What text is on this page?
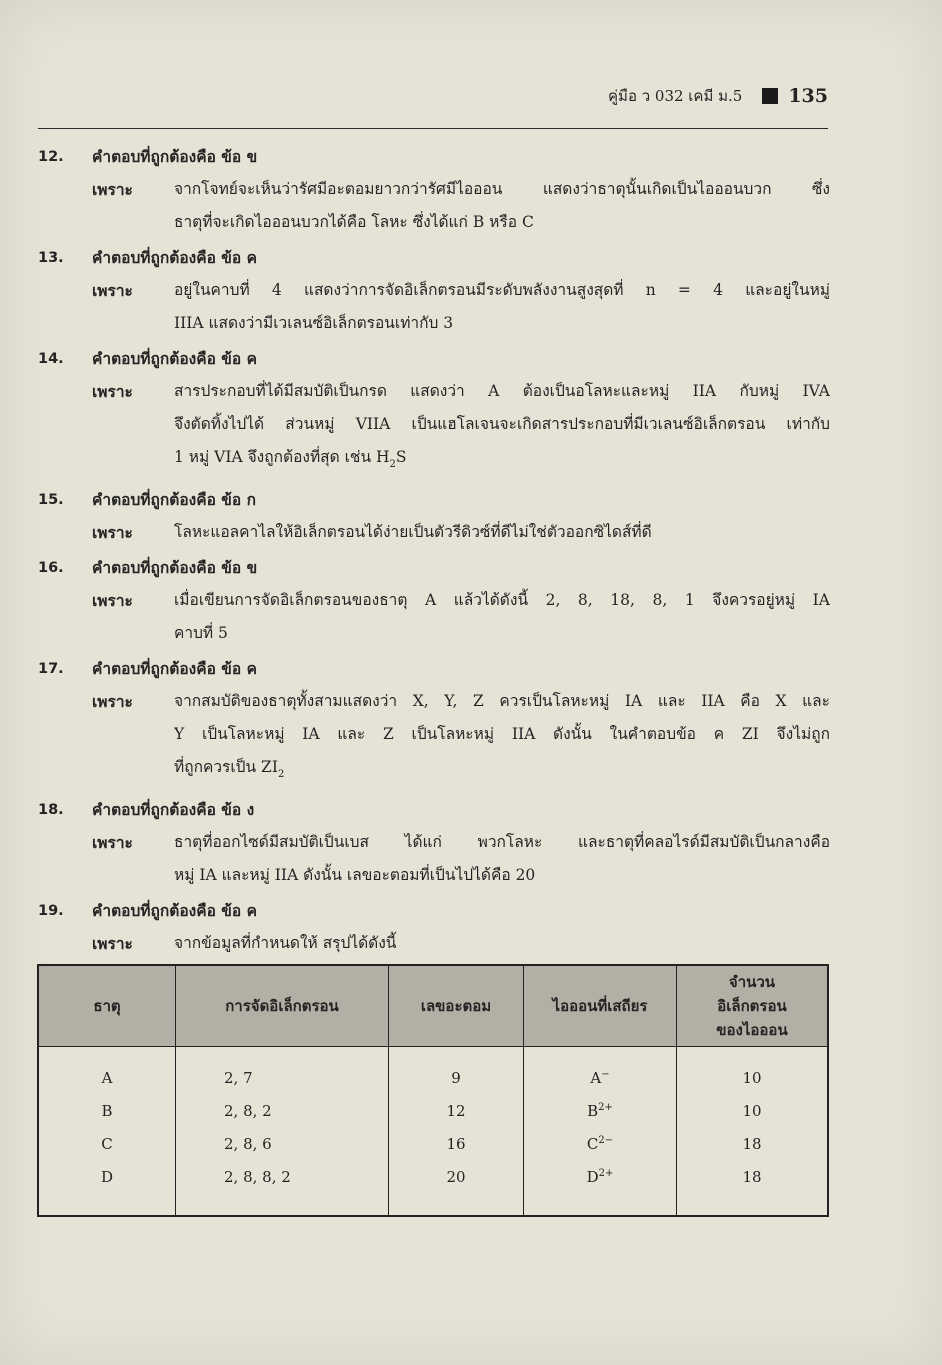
คู่มือ ว 032 เคมี ม.5 135
12.	คำตอบที่ถูกต้องคือ ข้อ ข
เพราะ	จากโจทย์จะเห็นว่ารัศมีอะตอมยาวกว่ารัศมีไอออน แสดงว่าธาตุนั้นเกิดเป็นไอออนบวก ซึ่ง
ธาตุที่จะเกิดไอออนบวกได้คือ โลหะ ซึ่งได้แก่ B หรือ C
13.	คำตอบที่ถูกต้องคือ ข้อ ค
เพราะ	อยู่ในคาบที่ 4 แสดงว่าการจัดอิเล็กตรอนมีระดับพลังงานสูงสุดที่ n = 4 และอยู่ในหมู่
IIIA แสดงว่ามีเวเลนซ์อิเล็กตรอนเท่ากับ 3
14.	คำตอบที่ถูกต้องคือ ข้อ ค
เพราะ	สารประกอบที่ได้มีสมบัติเป็นกรด แสดงว่า A ต้องเป็นอโลหะและหมู่ IIA กับหมู่ IVA
จึงตัดทิ้งไปได้ ส่วนหมู่ VIIA เป็นแฮโลเจนจะเกิดสารประกอบที่มีเวเลนซ์อิเล็กตรอน เท่ากับ
1 หมู่ VIA จึงถูกต้องที่สุด เช่น $H_2S$
15.	คำตอบที่ถูกต้องคือ ข้อ ก
เพราะ	โลหะแอลคาไลให้อิเล็กตรอนได้ง่ายเป็นตัวรีดิวซ์ที่ดีไม่ใช่ตัวออกซิไดส์ที่ดี
16.	คำตอบที่ถูกต้องคือ ข้อ ข
เพราะ	เมื่อเขียนการจัดอิเล็กตรอนของธาตุ A แล้วได้ดังนี้ 2, 8, 18, 8, 1 จึงควรอยู่หมู่ IA
คาบที่ 5
17.	คำตอบที่ถูกต้องคือ ข้อ ค
เพราะ	จากสมบัติของธาตุทั้งสามแสดงว่า X, Y, Z ควรเป็นโลหะหมู่ IA และ IIA คือ X และ
Y เป็นโลหะหมู่ IA และ Z เป็นโลหะหมู่ IIA ดังนั้น ในคำตอบข้อ ค ZI จึงไม่ถูก
ที่ถูกควรเป็น $ZI_2$
18.	คำตอบที่ถูกต้องคือ ข้อ ง
เพราะ	ธาตุที่ออกไซด์มีสมบัติเป็นเบส ได้แก่ พวกโลหะ และธาตุที่คลอไรด์มีสมบัติเป็นกลางคือ
หมู่ IA และหมู่ IIA ดังนั้น เลขอะตอมที่เป็นไปได้คือ 20
19.	คำตอบที่ถูกต้องคือ ข้อ ค
เพราะ	จากข้อมูลที่กำหนดให้ สรุปได้ดังนี้
ธาตุ	การจัดอิเล็กตรอน	เลขอะตอม	ไอออนที่เสถียร	จำนวน
อิเล็กตรอน
ของไอออน
A	2, 7	9	A−	10
B	2, 8, 2	12	$B^{2+}$	10
C	2, 8, 6	16	$C^{2-}$	18
D	2, 8, 8, 2	20	$D^{2+}$	18
